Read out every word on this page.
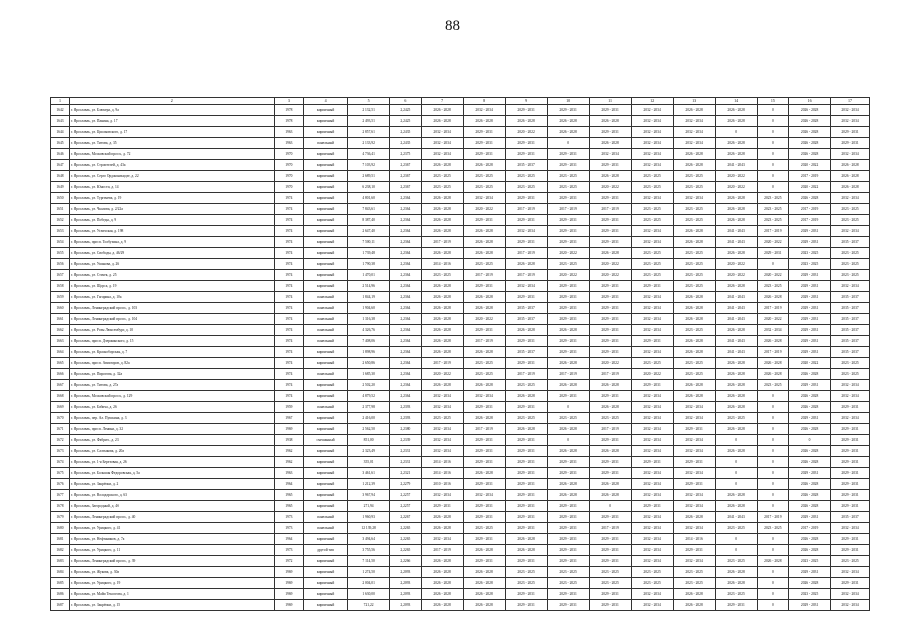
88
1	2	3	4	5	6	7	8	9	10	11	12	13	14	15	16	17
1642	г. Ярославль, ул. Блюхера, д. 9а	1978	кирпичный	2 132,51	2,2425	2026 - 2028	2032 - 2034	2029 - 2031	2029 - 2031	2029 - 2031	2032 - 2034	2026 - 2028	2026 - 2028	0	2026 - 2028	2032 - 2034
1643	г. Ярославль, ул. Панина, д. 17	1978	кирпичный	2 493,51	2,2425	2026 - 2028	2026 - 2028	2026 - 2028	2026 - 2028	2026 - 2028	2032 - 2034	2032 - 2034	2026 - 2028	0	2026 - 2028	2032 - 2034
1644	г. Ярославль, ул. Циолковского, д. 17	1963	кирпичный	2 857,61	2,2435	2032 - 2034	2029 - 2031	2020 - 2022	2026 - 2028	2029 - 2031	2032 - 2034	2032 - 2034	0	0	2026 - 2028	2029 - 2031
1645	г. Ярославль, ул. Титова, д. 35	1963	панельный	2 133,92	2,2435	2032 - 2034	2029 - 2031	2029 - 2031	0	2026 - 2028	2032 - 2034	2032 - 2034	2026 - 2028	0	2026 - 2028	2029 - 2031
1646	г. Ярославль, Московский просп., д. 72	1970	кирпичный	4 736,41	2,2375	2032 - 2034	2029 - 2031	2029 - 2031	2029 - 2031	2032 - 2034	2032 - 2034	2026 - 2028	2026 - 2028	0	2026 - 2028	2032 - 2034
1647	г. Ярославль, ул. Строителей, д. 43а	1970	кирпичный	7 103,92	2,2367	2026 - 2028	2026 - 2028	2035 - 2037	2029 - 2031	2029 - 2031	2032 - 2034	2026 - 2028	2041 - 2043	0	2020 - 2022	2026 - 2028
1648	г. Ярославль, ул. Серго Орджоникидзе, д. 22	1970	кирпичный	2 689,51	2,2367	2023 - 2025	2023 - 2025	2023 - 2025	2023 - 2025	2026 - 2028	2023 - 2025	2023 - 2025	2020 - 2022	0	2017 - 2019	2026 - 2028
1649	г. Ярославль, ул. Юности, д. 14	1970	кирпичный	6 238,10	2,2367	2023 - 2025	2023 - 2025	2023 - 2025	2023 - 2025	2020 - 2022	2023 - 2025	2023 - 2025	2020 - 2022	0	2020 - 2022	2026 - 2028
1650	г. Ярославль, ул. Тургенева, д. 19	1974	кирпичный	4 801,60	2,2364	2026 - 2028	2032 - 2034	2029 - 2031	2029 - 2031	2029 - 2031	2032 - 2034	2032 - 2034	2026 - 2028	2023 - 2025	2026 - 2028	2032 - 2034
1651	г. Ярославль, ул. Чкалова, д. 2/22а	1974	кирпичный	7 843,61	2,2364	2026 - 2028	2020 - 2022	2017 - 2019	2017 - 2019	2017 - 2019	2023 - 2025	2023 - 2025	2026 - 2028	2023 - 2025	2017 - 2019	2023 - 2025
1652	г. Ярославль, ул. Победы, д. 9	1974	кирпичный	8 387,40	2,2364	2026 - 2028	2029 - 2031	2029 - 2031	2029 - 2031	2029 - 2031	2023 - 2025	2023 - 2025	2026 - 2028	2023 - 2025	2017 - 2019	2023 - 2025
1653	г. Ярославль, ул. Угличская, д. 198	1974	кирпичный	2 647,40	2,2364	2026 - 2028	2026 - 2028	2032 - 2034	2029 - 2031	2029 - 2031	2032 - 2034	2026 - 2028	2041 - 2043	2017 - 2019	2029 - 2031	2032 - 2034
1654	г. Ярославль, просп. Толбухина, д. 9	1974	кирпичный	7 500,11	2,2364	2017 - 2019	2026 - 2028	2029 - 2031	2029 - 2031	2029 - 2031	2032 - 2034	2026 - 2028	2041 - 2043	2020 - 2022	2029 - 2031	2035 - 2037
1655	г. Ярославль, ул. Свободы, д. 46/29	1974	кирпичный	1 739,48	2,2364	2026 - 2028	2026 - 2028	2017 - 2019	2020 - 2022	2026 - 2028	2023 - 2025	2023 - 2025	2026 - 2028	2029 - 2031	2023 - 2025	2023 - 2025
1656	г. Ярославль, ул. Ушакова, д. 26	1974	кирпичный	1 790,38	2,2364	2014 - 2016	2023 - 2025	2026 - 2028	2023 - 2025	2020 - 2022	2023 - 2025	2023 - 2025	2020 - 2022	0	2023 - 2025	2023 - 2025
1657	г. Ярославль, ул. Стачек, д. 25	1974	кирпичный	1 470,01	2,2364	2023 - 2025	2017 - 2019	2017 - 2019	2020 - 2022	2020 - 2022	2023 - 2025	2023 - 2025	2020 - 2022	2020 - 2022	2029 - 2031	2023 - 2025
1658	г. Ярославль, ул. Щорса, д. 19	1974	кирпичный	2 514,96	2,2364	2026 - 2028	2029 - 2031	2032 - 2034	2029 - 2031	2029 - 2031	2029 - 2031	2023 - 2025	2026 - 2028	2023 - 2025	2029 - 2031	2032 - 2034
1659	г. Ярославль, ул. Гагарина, д. 10а	1974	панельный	1 844,19	2,2364	2026 - 2028	2026 - 2028	2029 - 2031	2029 - 2031	2029 - 2031	2032 - 2034	2026 - 2028	2041 - 2043	2026 - 2028	2029 - 2031	2035 - 2037
1660	г. Ярославль, Ленинградский просп., д. 103	1974	панельный	1 904,60	2,2364	2026 - 2028	2026 - 2028	2035 - 2037	2029 - 2031	2029 - 2031	2032 - 2034	2026 - 2028	2041 - 2043	2017 - 2019	2029 - 2031	2035 - 2037
1661	г. Ярославль, Ленинградский просп., д. 104	1974	панельный	1 316,38	2,2364	2026 - 2028	2020 - 2022	2035 - 2037	2029 - 2031	2029 - 2031	2032 - 2034	2026 - 2028	2041 - 2043	2020 - 2022	2029 - 2031	2035 - 2037
1662	г. Ярославль, ул. Розы Люксембург, д. 10	1974	панельный	4 326,76	2,2364	2026 - 2028	2029 - 2031	2026 - 2028	2026 - 2028	2029 - 2031	2032 - 2034	2023 - 2025	2026 - 2028	2032 - 2034	2029 - 2031	2035 - 2037
1663	г. Ярославль, просп. Дзержинского, д. 15	1974	панельный	7 408,06	2,2364	2026 - 2028	2017 - 2019	2029 - 2031	2029 - 2031	2029 - 2031	2029 - 2031	2026 - 2028	2041 - 2043	2026 - 2028	2029 - 2031	2035 - 2037
1664	г. Ярославль, ул. Красноборская, д. 7	1974	кирпичный	1 898,96	2,2364	2026 - 2028	2026 - 2028	2035 - 2037	2029 - 2031	2029 - 2031	2032 - 2034	2026 - 2028	2041 - 2043	2017 - 2019	2029 - 2031	2035 - 2037
1665	г. Ярославль, просп. Авиаторов, д. 82а	1974	кирпичный	2 650,86	2,2364	2017 - 2019	2023 - 2025	2029 - 2031	2026 - 2028	2020 - 2022	2023 - 2025	2023 - 2025	2026 - 2028	2026 - 2028	2020 - 2022	2023 - 2025
1666	г. Ярославль, ул. Пирогова, д. 32а	1974	панельный	1 685,30	2,2364	2020 - 2022	2023 - 2025	2017 - 2019	2017 - 2019	2017 - 2019	2020 - 2022	2023 - 2025	2026 - 2028	2026 - 2028	2026 - 2028	2023 - 2025
1667	г. Ярославль, ул. Титова, д. 27а	1974	кирпичный	2 502,20	2,2364	2026 - 2028	2026 - 2028	2023 - 2025	2026 - 2028	2026 - 2028	2029 - 2031	2026 - 2028	2026 - 2028	2023 - 2025	2029 - 2031	2032 - 2034
1668	г. Ярославль, Московский просп., д. 129	1974	кирпичный	4 879,52	2,2364	2032 - 2034	2032 - 2034	2026 - 2028	2029 - 2031	2029 - 2031	2032 - 2034	2026 - 2028	2026 - 2028	0	2026 - 2028	2032 - 2034
1669	г. Ярославль, ул. Бабича, д. 26	1959	панельный	2 377,98	2,2393	2032 - 2034	2029 - 2031	2029 - 2031	0	2026 - 2028	2032 - 2034	2032 - 2034	2026 - 2028	0	2026 - 2028	2029 - 2031
1670	г. Ярославль, пер. Ал. Пушкина, д. 3	1967	кирпичный	2 416,00	2,2393	2023 - 2025	2026 - 2028	2023 - 2025	2023 - 2025	2023 - 2025	2032 - 2034	2032 - 2034	2023 - 2025	0	2029 - 2031	2032 - 2034
1671	г. Ярославль, просп. Ленина, д. 32	1969	кирпичный	2 562,50	2,2380	2032 - 2034	2017 - 2019	2026 - 2028	2026 - 2028	2017 - 2019	2032 - 2034	2029 - 2031	2026 - 2028	0	2026 - 2028	2029 - 2031
1672	г. Ярославль, ул. Фабрич., д. 23	1938	смешанный	851,00	2,2339	2032 - 2034	2029 - 2031	2029 - 2031	0	2029 - 2031	2032 - 2034	2032 - 2034	0	0	0	2029 - 2031
1673	г. Ярославль, ул. Салтыкова, д. 20а	1962	кирпичный	2 323,49	2,2331	2032 - 2034	2029 - 2031	2029 - 2031	2026 - 2028	2026 - 2028	2032 - 2034	2032 - 2034	2026 - 2028	0	2026 - 2028	2029 - 2031
1674	г. Ярославль, ул. 1-я Березовая, д. 26	1962	кирпичный	355,01	2,2331	2014 - 2016	2029 - 2031	2029 - 2031	2029 - 2031	2029 - 2031	2029 - 2031	2029 - 2031	0	0	2026 - 2028	2029 - 2031
1675	г. Ярославль, ул. Большая Федоровская, д. 5а	1963	кирпичный	3 461,61	2,2321	2014 - 2016	2026 - 2028	2029 - 2031	2029 - 2031	2029 - 2031	2032 - 2034	2032 - 2034	0	0	2029 - 2031	2029 - 2031
1676	г. Ярославль, ул. Закрёпки, д. 2	1964	кирпичный	1 212,39	2,2279	2010 - 2016	2029 - 2031	2029 - 2031	2026 - 2028	2026 - 2028	2032 - 2034	2029 - 2031	0	0	2026 - 2028	2029 - 2031
1677	г. Ярославль, ул. Володарского, д. 63	1965	кирпичный	3 967,94	2,2257	2032 - 2034	2032 - 2034	2029 - 2031	2026 - 2028	2026 - 2028	2032 - 2034	2032 - 2034	2026 - 2028	0	2026 - 2028	2029 - 2031
1678	г. Ярославль, Загородный, д. 4б	1965	кирпичный	271,94	2,2257	2029 - 2031	2029 - 2031	2029 - 2031	2029 - 2031	0	2029 - 2031	2032 - 2034	2026 - 2028	0	2026 - 2028	2029 - 2031
1679	г. Ярославль, Ленинградский просп., д. 40	1973	панельный	1 960,93	2,2267	2026 - 2028	2029 - 2031	2029 - 2031	2029 - 2031	2029 - 2031	2032 - 2034	2026 - 2028	2041 - 2043	2017 - 2019	2029 - 2031	2035 - 2037
1680	г. Ярославль, ул. Урицкого, д. 41	1973	панельный	12 139,28	2,2265	2026 - 2028	2023 - 2025	2029 - 2031	2029 - 2031	2017 - 2019	2032 - 2034	2032 - 2034	2023 - 2025	2023 - 2025	2017 - 2019	2032 - 2034
1681	г. Ярославль, ул. Нефтяников, д. 7а	1964	кирпичный	3 494,64	2,2265	2032 - 2034	2029 - 2031	2026 - 2028	2029 - 2031	2029 - 2031	2032 - 2034	2014 - 2016	0	0	2026 - 2028	2029 - 2031
1682	г. Ярославль, ул. Урицкого, д. 11	1973	другой тип	3 755,56	2,2265	2017 - 2019	2026 - 2028	2026 - 2028	2029 - 2031	2029 - 2031	2032 - 2034	2029 - 2031	0	0	2026 - 2028	2029 - 2031
1683	г. Ярославль, Ленинградский просп., д. 39	1972	кирпичный	7 114,50	2,2266	2026 - 2028	2029 - 2031	2029 - 2031	2029 - 2031	2029 - 2031	2032 - 2034	2032 - 2034	2023 - 2025	2026 - 2028	2023 - 2025	2023 - 2025
1684	г. Ярославль, ул. Жукова, д. 30а	1969	кирпичный	1 274,50	2,2093	2026 - 2028	2026 - 2028	2023 - 2025	2023 - 2025	2023 - 2025	2023 - 2025	2023 - 2025	2026 - 2028	0	2029 - 2031	2032 - 2034
1685	г. Ярославль, ул. Урицкого, д. 19	1969	кирпичный	2 004,01	2,2093	2026 - 2028	2026 - 2028	2023 - 2025	2023 - 2025	2023 - 2025	2023 - 2025	2023 - 2025	2026 - 2028	0	2026 - 2028	2029 - 2031
1686	г. Ярославль, ул. Майи Тексогова, д. 1	1969	кирпичный	1 630,00	2,2093	2026 - 2028	2026 - 2028	2029 - 2031	2029 - 2031	2029 - 2031	2032 - 2034	2026 - 2028	2023 - 2025	0	2023 - 2025	2032 - 2034
1687	г. Ярославль, ул. Закрёпки, д. 15	1969	кирпичный	721,22	2,2093	2026 - 2028	2026 - 2028	2029 - 2031	2029 - 2031	2029 - 2031	2032 - 2034	2026 - 2028	2029 - 2031	0	2029 - 2031	2032 - 2034
